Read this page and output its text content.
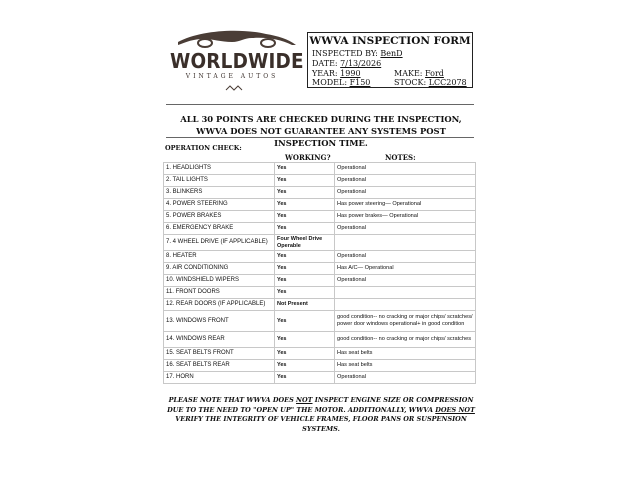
WORLDWIDE
VINTAGE AUTOS
WWVA INSPECTION FORM
INSPECTED BY: BenD
DATE: 7/13/2026
YEAR: 1990	MAKE: Ford
MODEL: F150	STOCK: LCC2078
ALL 30 POINTS ARE CHECKED DURING THE INSPECTION, WWVA DOES NOT GUARANTEE ANY SYSTEMS POST INSPECTION TIME.
OPERATION CHECK:
WORKING?	NOTES:
1. HEADLIGHTS	Yes	Operational
2. TAIL LIGHTS	Yes	Operational
3. BLINKERS	Yes	Operational
4. POWER STEERING	Yes	Has power steering— Operational
5. POWER BRAKES	Yes	Has power brakes— Operational
6. EMERGENCY BRAKE	Yes	Operational
7. 4 WHEEL DRIVE (IF APPLICABLE)	Four Wheel Drive Operable	
8. HEATER	Yes	Operational
9. AIR CONDITIONING	Yes	Has A/C— Operational
10. WINDSHIELD WIPERS	Yes	Operational
11. FRONT DOORS	Yes	
12. REAR DOORS (IF APPLICABLE)	Not Present	
13. WINDOWS FRONT	Yes	good condition-- no cracking or major chips/ scratches/ power door windows operational+ in good condition
14. WINDOWS REAR	Yes	good condition-- no cracking or major chips/ scratches
15. SEAT BELTS FRONT	Yes	Has seat belts
16. SEAT BELTS REAR	Yes	Has seat belts
17. HORN	Yes	Operational
PLEASE NOTE THAT WWVA DOES NOT INSPECT ENGINE SIZE OR COMPRESSION DUE TO THE NEED TO "OPEN UP" THE MOTOR. ADDITIONALLY, WWVA DOES NOT VERIFY THE INTEGRITY OF VEHICLE FRAMES, FLOOR PANS OR SUSPENSION SYSTEMS.
